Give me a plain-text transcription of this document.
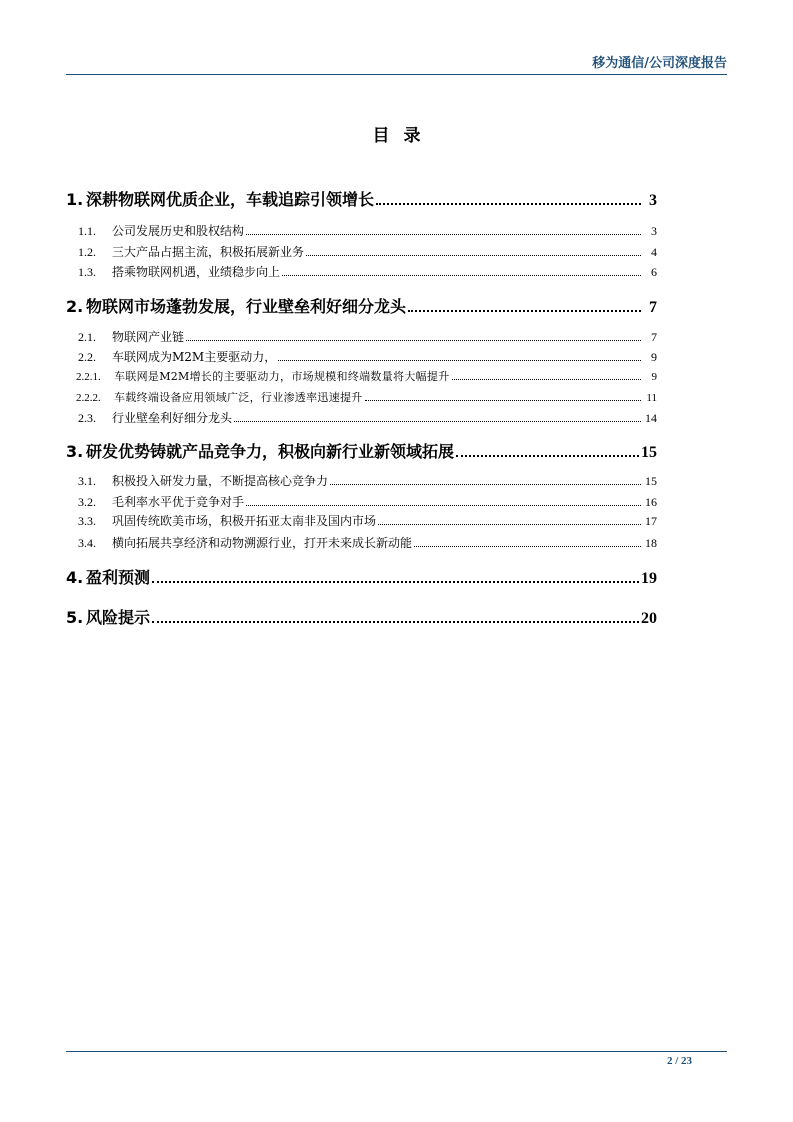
移为通信/公司深度报告
目录
1. 深耕物联网优质企业，车载追踪引领增长	3
1.1.	公司发展历史和股权结构	3
1.2.	三大产品占据主流，积极拓展新业务	4
1.3.	搭乘物联网机遇，业绩稳步向上	6
2. 物联网市场蓬勃发展，行业壁垒利好细分龙头	7
2.1.	物联网产业链	7
2.2.	车联网成为M2M主要驱动力，	9
2.2.1.	车联网是M2M增长的主要驱动力，市场规模和终端数量将大幅提升	9
2.2.2.	车载终端设备应用领域广泛，行业渗透率迅速提升	11
2.3.	行业壁垒利好细分龙头	14
3. 研发优势铸就产品竞争力，积极向新行业新领域拓展	15
3.1.	积极投入研发力量，不断提高核心竞争力	15
3.2.	毛利率水平优于竞争对手	16
3.3.	巩固传统欧美市场，积极开拓亚太南非及国内市场	17
3.4.	横向拓展共享经济和动物溯源行业，打开未来成长新动能	18
4. 盈利预测	19
5. 风险提示	20
2 / 23
